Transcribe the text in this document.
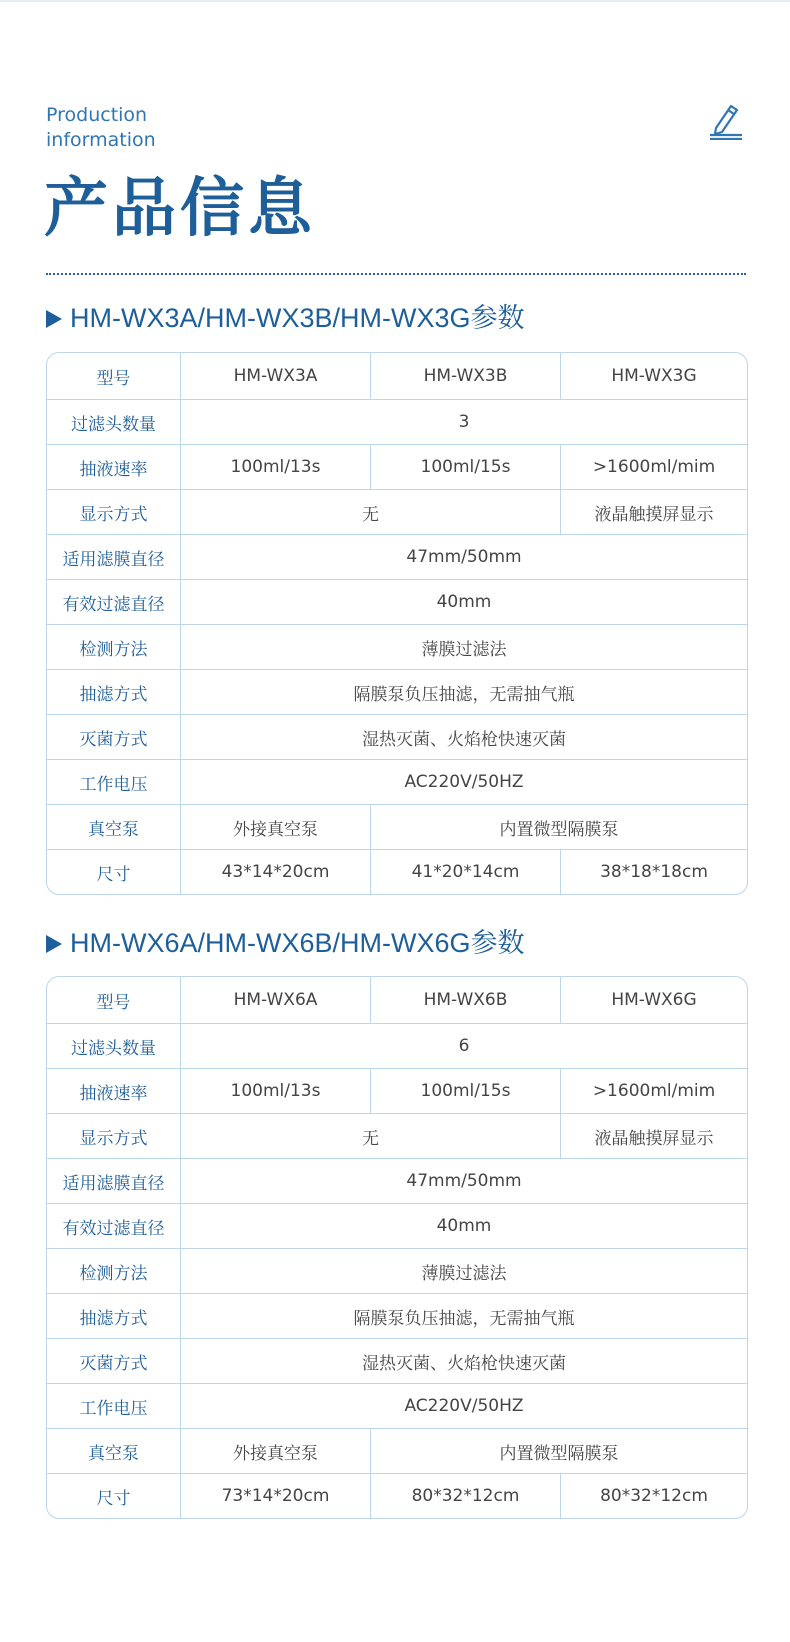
Production
information
产品信息
HM-WX3A/HM-WX3B/HM-WX3G参数
型号	HM-WX3A	HM-WX3B	HM-WX3G
过滤头数量	3
抽液速率	100ml/13s	100ml/15s	>1600ml/mim
显示方式	无	液晶触摸屏显示
适用滤膜直径	47mm/50mm
有效过滤直径	40mm
检测方法	薄膜过滤法
抽滤方式	隔膜泵负压抽滤，无需抽气瓶
灭菌方式	湿热灭菌、火焰枪快速灭菌
工作电压	AC220V/50HZ
真空泵	外接真空泵	内置微型隔膜泵
尺寸	43*14*20cm	41*20*14cm	38*18*18cm
HM-WX6A/HM-WX6B/HM-WX6G参数
型号	HM-WX6A	HM-WX6B	HM-WX6G
过滤头数量	6
抽液速率	100ml/13s	100ml/15s	>1600ml/mim
显示方式	无	液晶触摸屏显示
适用滤膜直径	47mm/50mm
有效过滤直径	40mm
检测方法	薄膜过滤法
抽滤方式	隔膜泵负压抽滤，无需抽气瓶
灭菌方式	湿热灭菌、火焰枪快速灭菌
工作电压	AC220V/50HZ
真空泵	外接真空泵	内置微型隔膜泵
尺寸	73*14*20cm	80*32*12cm	80*32*12cm
